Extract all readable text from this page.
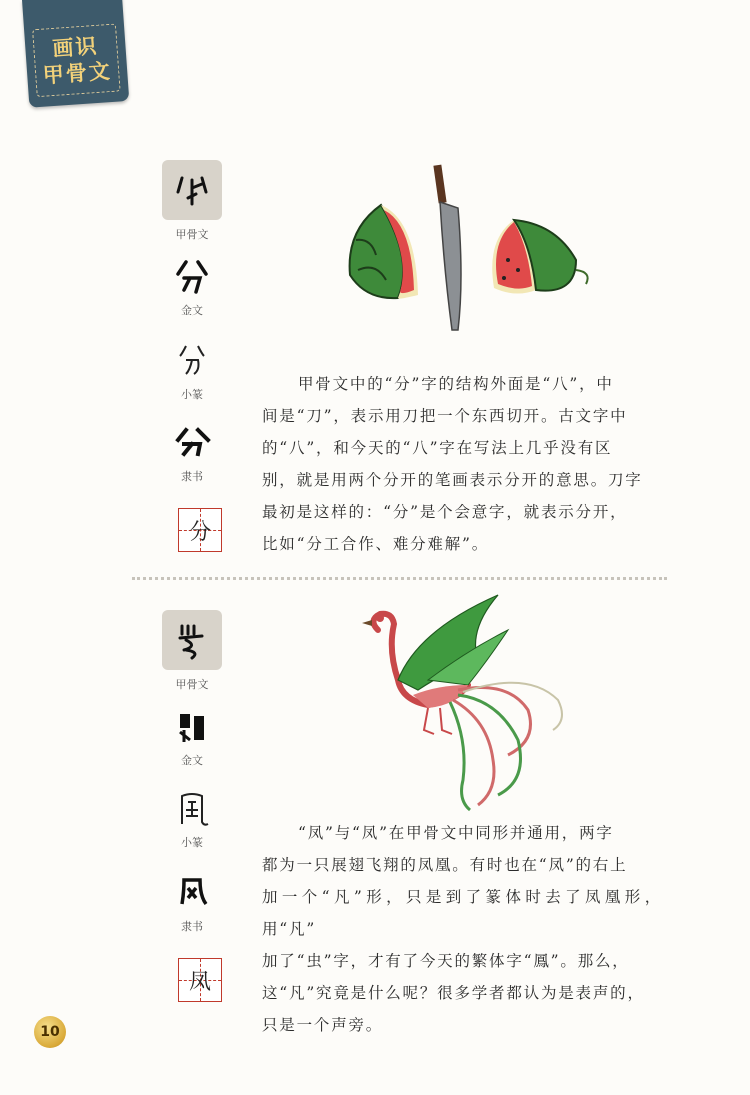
画识
甲骨文
甲骨文
金文
小篆
隶书
分
甲骨文中的“分”字的结构外面是“八”，中
间是“刀”，表示用刀把一个东西切开。古文字中
的“八”，和今天的“八”字在写法上几乎没有区
别，就是用两个分开的笔画表示分开的意思。刀字
最初是这样的：“分”是个会意字，就表示分开，
比如“分工合作、难分难解”。
甲骨文
金文
小篆
隶书
凤
“凤”与“凤”在甲骨文中同形并通用，两字
都为一只展翅飞翔的凤凰。有时也在“凤”的右上
加一个“凡”形，只是到了篆体时去了凤凰形，用“凡”
加了“虫”字，才有了今天的繁体字“鳳”。那么，
这“凡”究竟是什么呢？很多学者都认为是表声的，
只是一个声旁。
10
